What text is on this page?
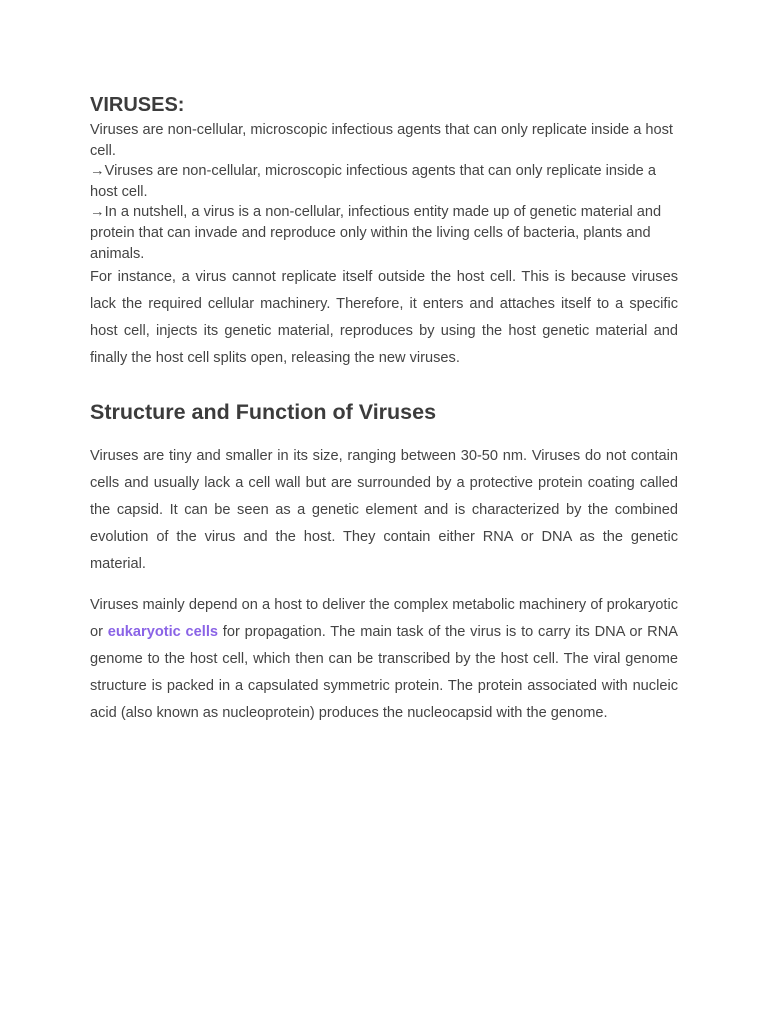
VIRUSES:

Viruses are non-cellular, microscopic infectious agents that can only replicate inside a host cell.

→Viruses are non-cellular, microscopic infectious agents that can only replicate inside a host cell.

→In a nutshell, a virus is a non-cellular, infectious entity made up of genetic material and protein that can invade and reproduce only within the living cells of bacteria, plants and animals.

For instance, a virus cannot replicate itself outside the host cell. This is because viruses lack the required cellular machinery. Therefore, it enters and attaches itself to a specific host cell, injects its genetic material, reproduces by using the host genetic material and finally the host cell splits open, releasing the new viruses.

Structure and Function of Viruses

Viruses are tiny and smaller in its size, ranging between 30-50 nm. Viruses do not contain cells and usually lack a cell wall but are surrounded by a protective protein coating called the capsid. It can be seen as a genetic element and is characterized by the combined evolution of the virus and the host. They contain either RNA or DNA as the genetic material.

Viruses mainly depend on a host to deliver the complex metabolic machinery of prokaryotic or eukaryotic cells for propagation. The main task of the virus is to carry its DNA or RNA genome to the host cell, which then can be transcribed by the host cell. The viral genome structure is packed in a capsulated symmetric protein. The protein associated with nucleic acid (also known as nucleoprotein) produces the nucleocapsid with the genome.
